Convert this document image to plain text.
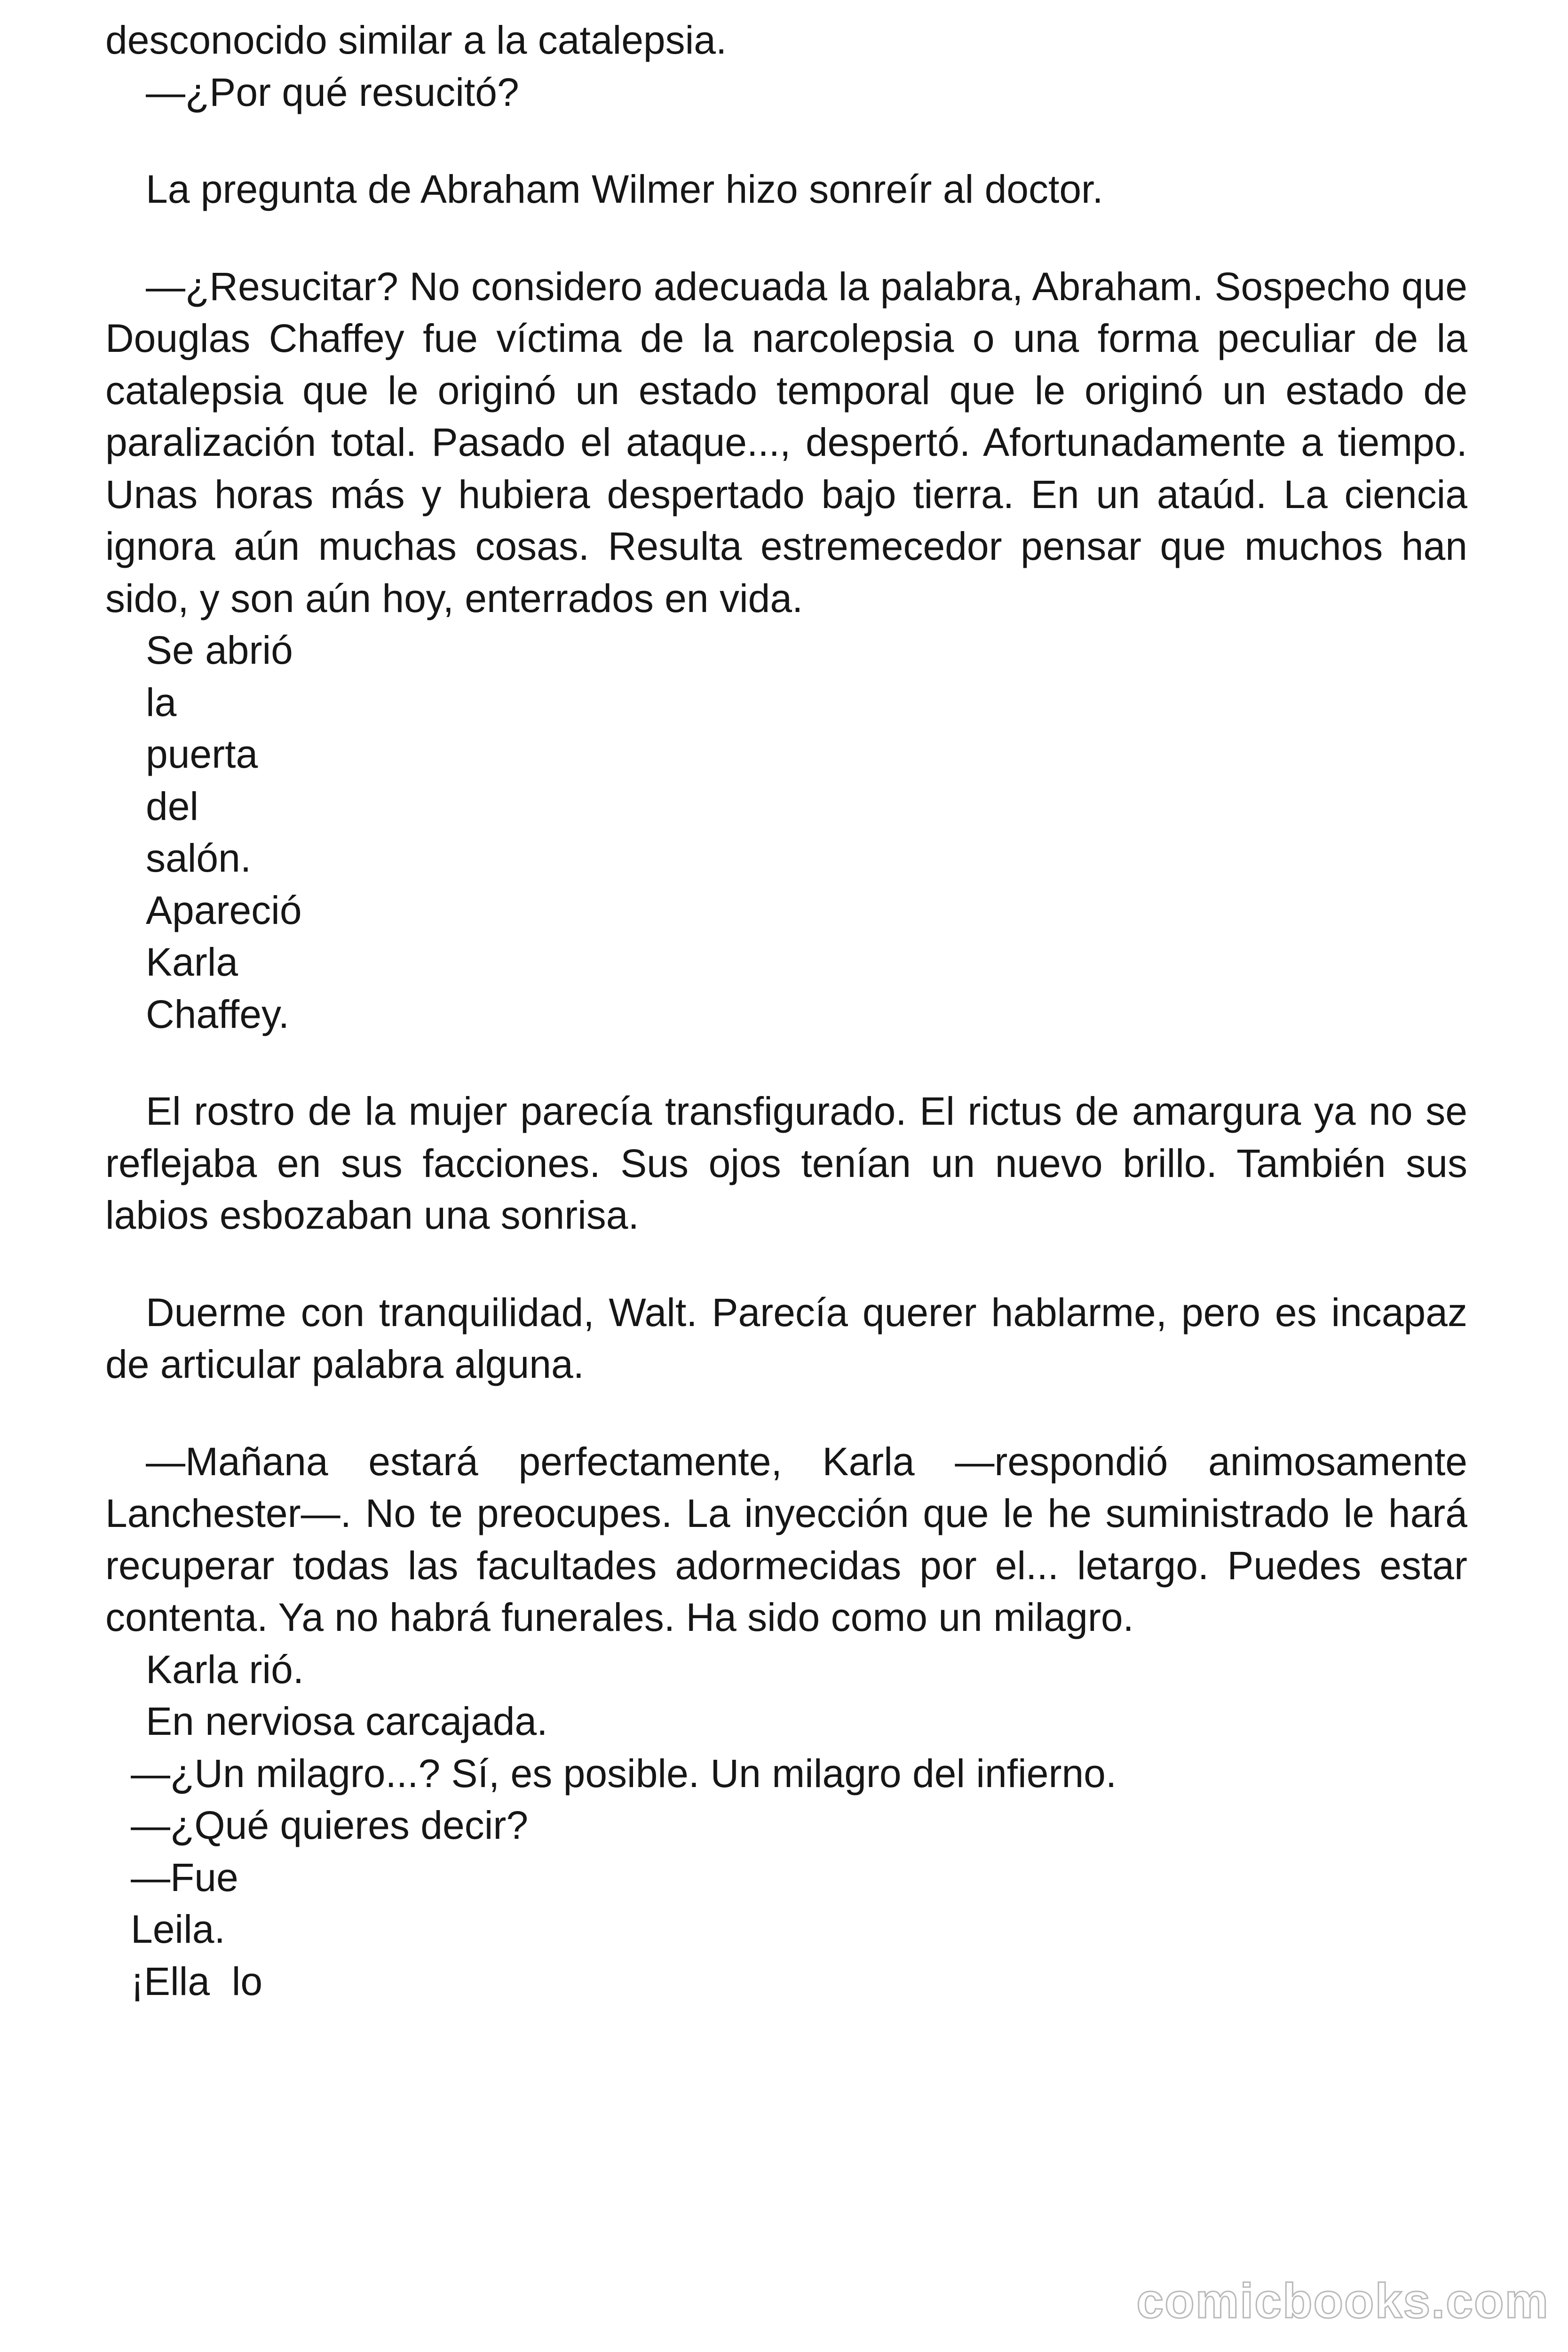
desconocido similar a la catalepsia.

—¿Por qué resucitó?

La pregunta de Abraham Wilmer hizo sonreír al doctor.

—¿Resucitar? No considero adecuada la palabra, Abraham. Sospecho que Douglas Chaffey fue víctima de la narcolepsia o una forma peculiar de la catalepsia que le originó un estado temporal que le originó un estado de paralización total. Pasado el ataque..., despertó. Afortunadamente a tiempo. Unas horas más y hubiera despertado bajo tierra. En un ataúd. La ciencia ignora aún muchas cosas. Resulta estremecedor pensar que muchos han sido, y son aún hoy, enterrados en vida.

Se abrió
la
puerta
del
salón.
Apareció
Karla
Chaffey.

El rostro de la mujer parecía transfigurado. El rictus de amargura ya no se reflejaba en sus facciones. Sus ojos tenían un nuevo brillo. También sus labios esbozaban una sonrisa.

Duerme con tranquilidad, Walt. Parecía querer hablarme, pero es incapaz de articular palabra alguna.

—Mañana estará perfectamente, Karla —respondió animosamente Lanchester—. No te preocupes. La inyección que le he suministrado le hará recuperar todas las facultades adormecidas por el... letargo. Puedes estar contenta. Ya no habrá funerales. Ha sido como un milagro.

Karla rió.
En nerviosa carcajada.
—¿Un milagro...? Sí, es posible. Un milagro del infierno.
—¿Qué quieres decir?
—Fue
Leila.
¡Ella  lo
comicbooks.com
